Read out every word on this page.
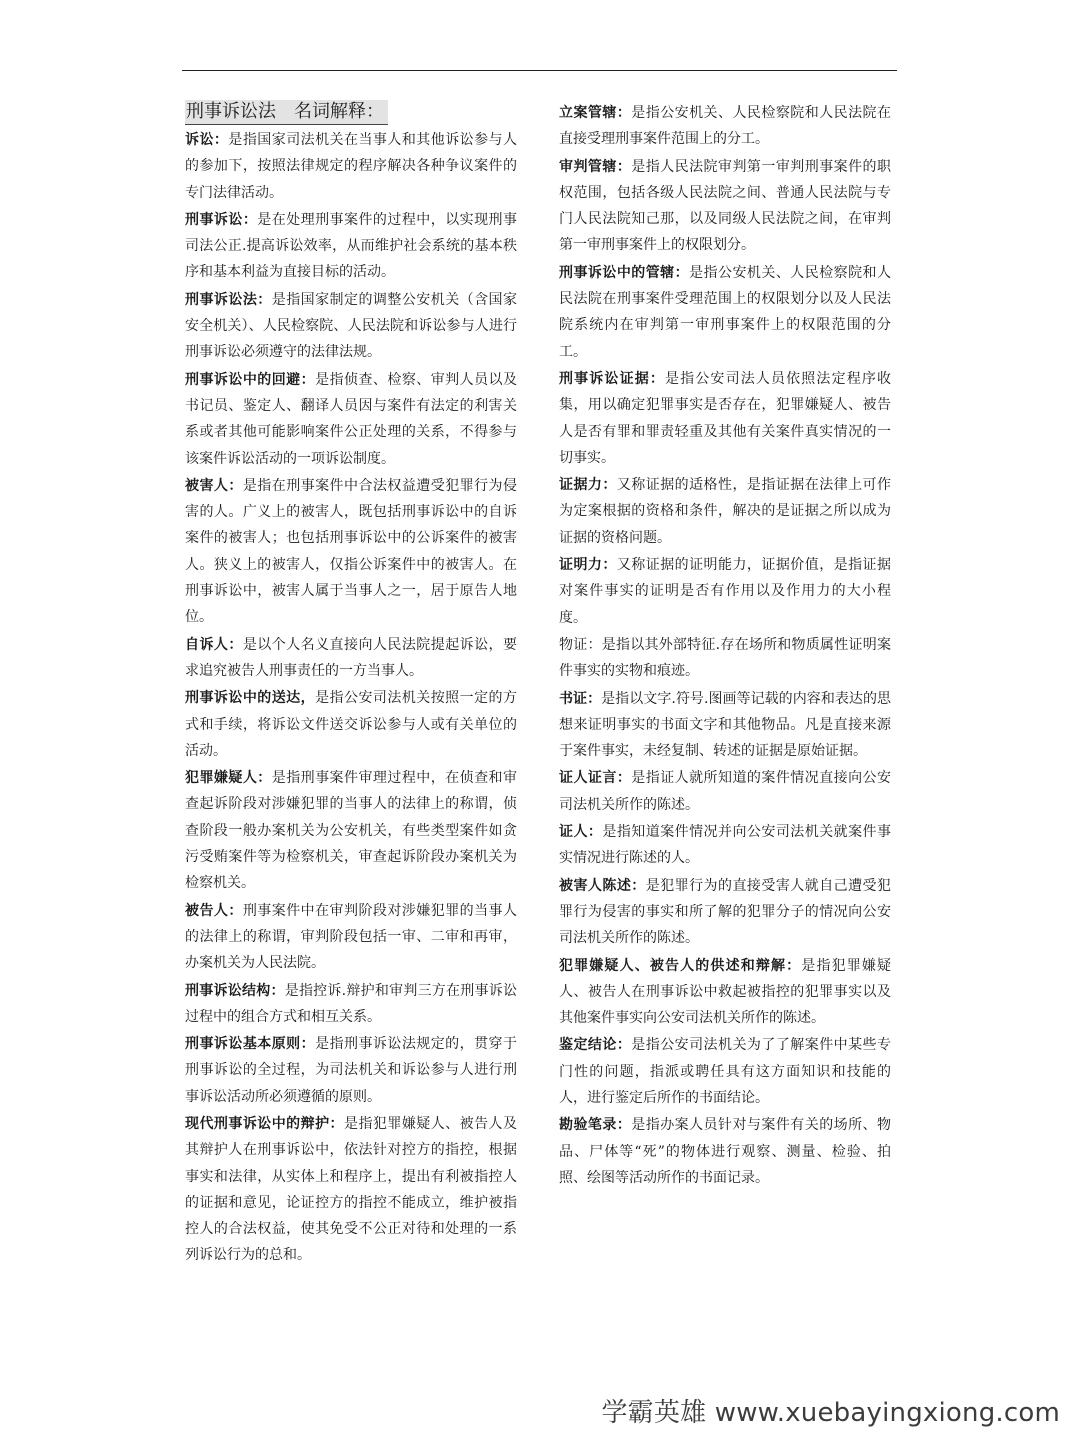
刑事诉讼法　名词解释：

诉讼：是指国家司法机关在当事人和其他诉讼参与人的参加下，按照法律规定的程序解决各种争议案件的专门法律活动。

刑事诉讼：是在处理刑事案件的过程中，以实现刑事司法公正.提高诉讼效率，从而维护社会系统的基本秩序和基本利益为直接目标的活动。

刑事诉讼法：是指国家制定的调整公安机关（含国家安全机关）、人民检察院、人民法院和诉讼参与人进行刑事诉讼必须遵守的法律法规。

刑事诉讼中的回避：是指侦查、检察、审判人员以及书记员、鉴定人、翻译人员因与案件有法定的利害关系或者其他可能影响案件公正处理的关系，不得参与该案件诉讼活动的一项诉讼制度。

被害人：是指在刑事案件中合法权益遭受犯罪行为侵害的人。广义上的被害人，既包括刑事诉讼中的自诉案件的被害人；也包括刑事诉讼中的公诉案件的被害人。狭义上的被害人，仅指公诉案件中的被害人。在刑事诉讼中，被害人属于当事人之一，居于原告人地位。

自诉人：是以个人名义直接向人民法院提起诉讼，要求追究被告人刑事责任的一方当事人。

刑事诉讼中的送达，是指公安司法机关按照一定的方式和手续，将诉讼文件送交诉讼参与人或有关单位的活动。

犯罪嫌疑人：是指刑事案件审理过程中，在侦查和审查起诉阶段对涉嫌犯罪的当事人的法律上的称谓，侦查阶段一般办案机关为公安机关，有些类型案件如贪污受贿案件等为检察机关，审查起诉阶段办案机关为检察机关。

被告人：刑事案件中在审判阶段对涉嫌犯罪的当事人的法律上的称谓，审判阶段包括一审、二审和再审，办案机关为人民法院。

刑事诉讼结构：是指控诉.辩护和审判三方在刑事诉讼过程中的组合方式和相互关系。

刑事诉讼基本原则：是指刑事诉讼法规定的，贯穿于刑事诉讼的全过程，为司法机关和诉讼参与人进行刑事诉讼活动所必须遵循的原则。

现代刑事诉讼中的辩护：是指犯罪嫌疑人、被告人及其辩护人在刑事诉讼中，依法针对控方的指控，根据事实和法律，从实体上和程序上，提出有利被指控人的证据和意见，论证控方的指控不能成立，维护被指控人的合法权益，使其免受不公正对待和处理的一系列诉讼行为的总和。

立案管辖：是指公安机关、人民检察院和人民法院在直接受理刑事案件范围上的分工。

审判管辖：是指人民法院审判第一审判刑事案件的职权范围，包括各级人民法院之间、普通人民法院与专门人民法院知己那，以及同级人民法院之间，在审判第一审刑事案件上的权限划分。

刑事诉讼中的管辖：是指公安机关、人民检察院和人民法院在刑事案件受理范围上的权限划分以及人民法院系统内在审判第一审刑事案件上的权限范围的分工。

刑事诉讼证据：是指公安司法人员依照法定程序收集，用以确定犯罪事实是否存在，犯罪嫌疑人、被告人是否有罪和罪责轻重及其他有关案件真实情况的一切事实。

证据力：又称证据的适格性，是指证据在法律上可作为定案根据的资格和条件，解决的是证据之所以成为证据的资格问题。

证明力：又称证据的证明能力，证据价值，是指证据对案件事实的证明是否有作用以及作用力的大小程度。

物证：是指以其外部特征.存在场所和物质属性证明案件事实的实物和痕迹。

书证：是指以文字.符号.图画等记载的内容和表达的思想来证明事实的书面文字和其他物品。凡是直接来源于案件事实，未经复制、转述的证据是原始证据。

证人证言：是指证人就所知道的案件情况直接向公安司法机关所作的陈述。

证人：是指知道案件情况并向公安司法机关就案件事实情况进行陈述的人。

被害人陈述：是犯罪行为的直接受害人就自己遭受犯罪行为侵害的事实和所了解的犯罪分子的情况向公安司法机关所作的陈述。

犯罪嫌疑人、被告人的供述和辩解：是指犯罪嫌疑人、被告人在刑事诉讼中救起被指控的犯罪事实以及其他案件事实向公安司法机关所作的陈述。

鉴定结论：是指公安司法机关为了了解案件中某些专门性的问题，指派或聘任具有这方面知识和技能的人，进行鉴定后所作的书面结论。

勘验笔录：是指办案人员针对与案件有关的场所、物品、尸体等“死”的物体进行观察、测量、检验、拍照、绘图等活动所作的书面记录。

学霸英雄 www.xuebayingxiong.com
